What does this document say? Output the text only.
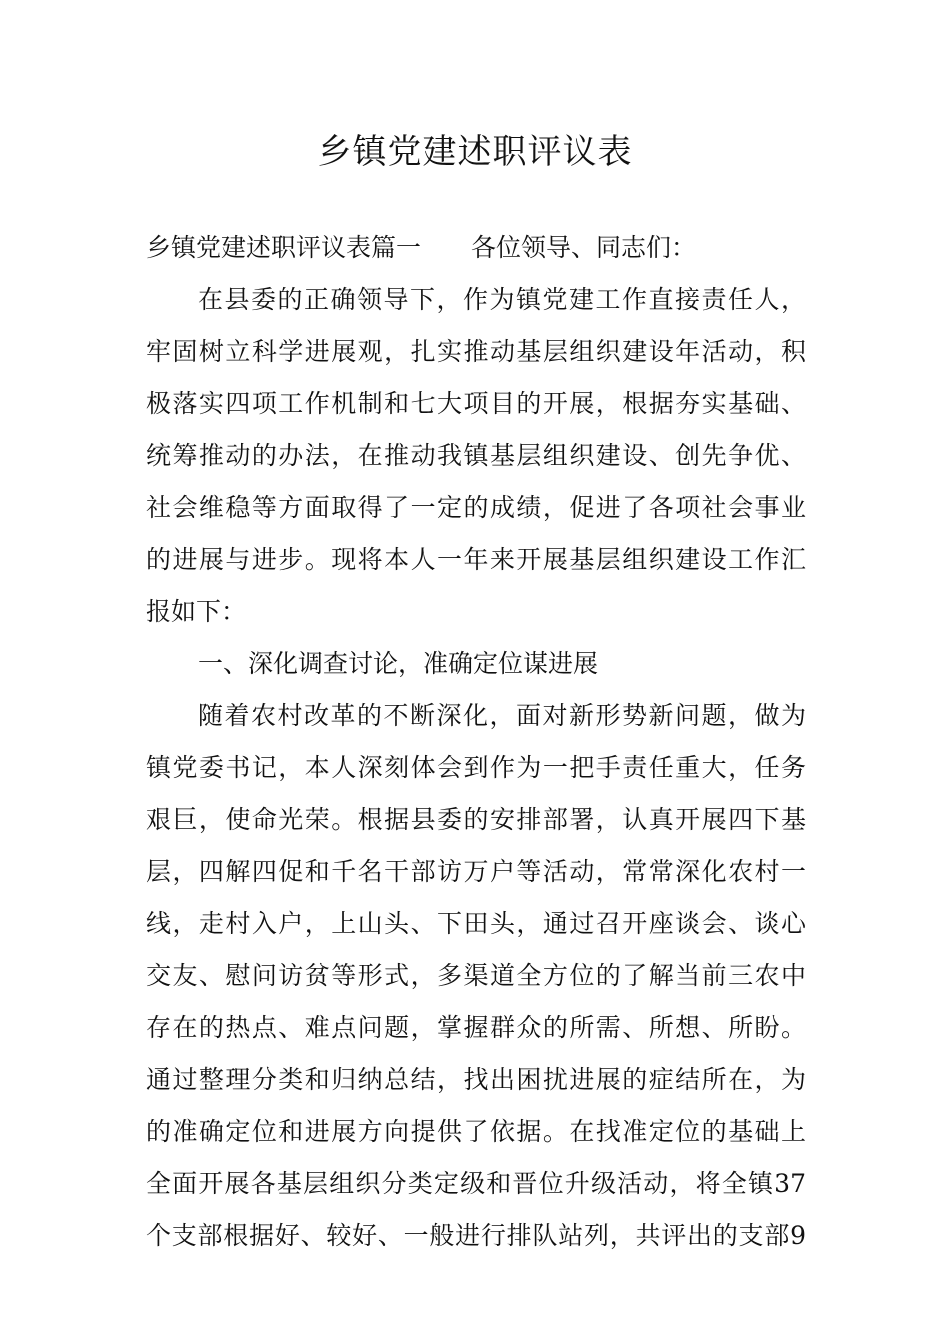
乡镇党建述职评议表
乡镇党建述职评议表篇一 各位领导、同志们：
在县委的正确领导下，作为镇党建工作直接责任人，
牢固树立科学进展观，扎实推动基层组织建设年活动，积
极落实四项工作机制和七大项目的开展，根据夯实基础、
统筹推动的办法，在推动我镇基层组织建设、创先争优、
社会维稳等方面取得了一定的成绩，促进了各项社会事业
的进展与进步。现将本人一年来开展基层组织建设工作汇
报如下：
一、深化调查讨论，准确定位谋进展
随着农村改革的不断深化，面对新形势新问题，做为
镇党委书记，本人深刻体会到作为一把手责任重大，任务
艰巨，使命光荣。根据县委的安排部署，认真开展四下基
层，四解四促和千名干部访万户等活动，常常深化农村一
线，走村入户，上山头、下田头，通过召开座谈会、谈心
交友、慰问访贫等形式，多渠道全方位的了解当前三农中
存在的热点、难点问题，掌握群众的所需、所想、所盼。
通过整理分类和归纳总结，找出困扰进展的症结所在，为
的准确定位和进展方向提供了依据。在找准定位的基础上
全面开展各基层组织分类定级和晋位升级活动，将全镇37
个支部根据好、较好、一般进行排队站列，共评出的支部9
